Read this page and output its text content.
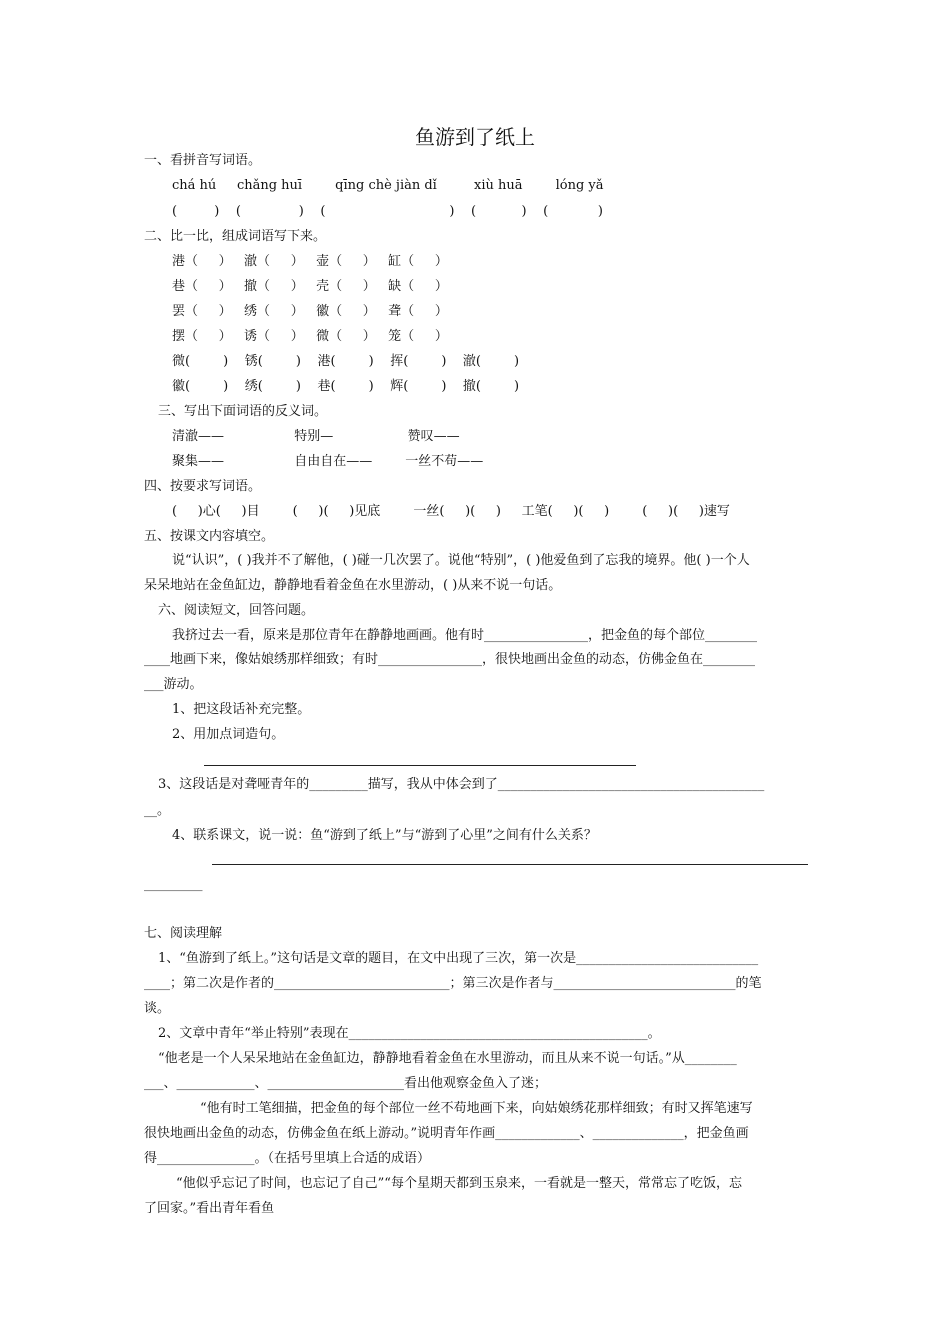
鱼游到了纸上
一、看拼音写词语。
chá hú     chǎng huī        qīng chè jiàn dǐ         xiù huā        lóng yǎ
(         )    (              )    (                              )    (           )    (            )
二、比一比，组成词语写下来。
港（     ）   澈（     ）   壶（     ）   缸（     ）
巷（     ）   撤（     ）   壳（     ）   缺（     ）
罢（     ）   绣（     ）   徽（     ）   聋（     ）
摆（     ）   诱（     ）   微（     ）   笼（     ）
微(        )    锈(        )    港(        )    挥(        )    澈(        )
徽(        )    绣(        )    巷(        )    辉(        )    撤(        )
三、写出下面词语的反义词。
清澈——                 特别—                  赞叹——
聚集——                 自由自在——        一丝不苟——
四、按要求写词语。
(     )心(     )目        (     )(     )见底        一丝(     )(     )     工笔(     )(     )        (     )(     )速写
五、按课文内容填空。
说“认识”，( )我并不了解他，( )碰一几次罢了。说他“特别”，( )他爱鱼到了忘我的境界。他( )一个人
呆呆地站在金鱼缸边，静静地看着金鱼在水里游动，( )从来不说一句话。
六、阅读短文，回答问题。
我挤过去一看，原来是那位青年在静静地画画。他有时________________，把金鱼的每个部位________
____地画下来，像姑娘绣那样细致；有时________________，很快地画出金鱼的动态，仿佛金鱼在________
___游动。
1、把这段话补充完整。
2、用加点词造句。
3、这段话是对聋哑青年的_________描写，我从中体会到了_________________________________________
__。
4、联系课文，说一说：鱼“游到了纸上”与“游到了心里”之间有什么关系？
_________
七、阅读理解
1、“鱼游到了纸上。”这句话是文章的题目，在文中出现了三次，第一次是____________________________
____；第二次是作者的___________________________；第三次是作者与____________________________的笔
谈。
2、文章中青年“举止特别”表现在______________________________________________。
“他老是一个人呆呆地站在金鱼缸边，静静地看着金鱼在水里游动，而且从来不说一句话。”从________
___、____________、_____________________看出他观察金鱼入了迷；
“他有时工笔细描，把金鱼的每个部位一丝不苟地画下来，向姑娘绣花那样细致；有时又挥笔速写
很快地画出金鱼的动态，仿佛金鱼在纸上游动。”说明青年作画_____________、______________，把金鱼画
得_______________。（在括号里填上合适的成语）
“他似乎忘记了时间，也忘记了自己”“每个星期天都到玉泉来，一看就是一整天，常常忘了吃饭，忘
了回家。”看出青年看鱼
